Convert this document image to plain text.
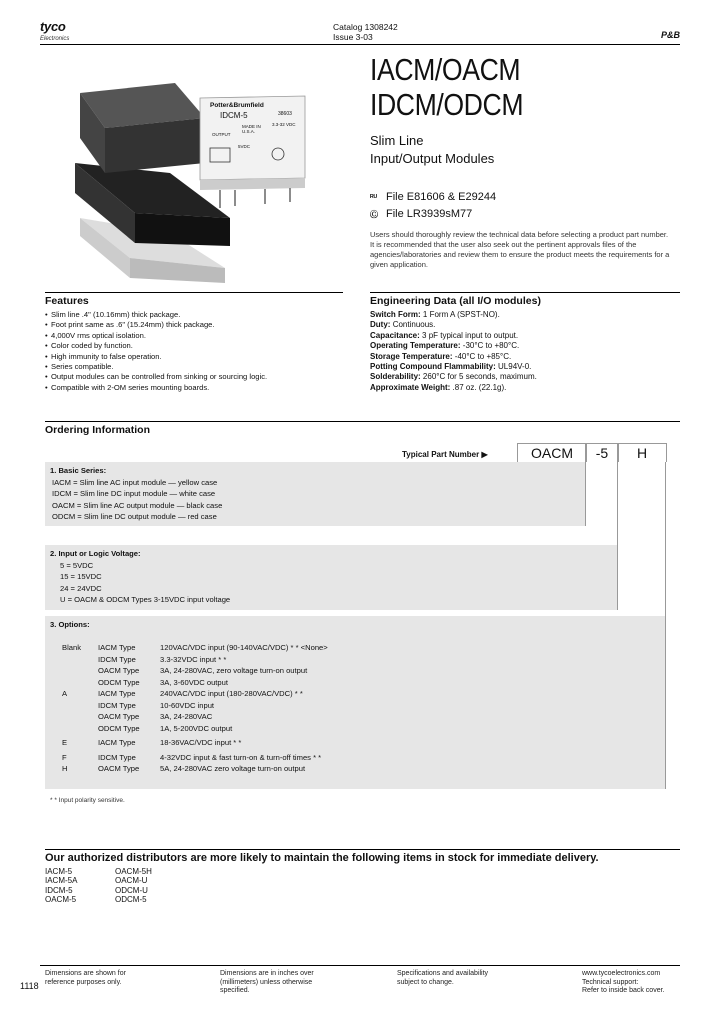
tyco
Electronics
Catalog 1308242
Issue 3-03	P&B
Potter&Brumfield
IDCM-5	38603
MADE IN U.S.A.
3.3-32 VDC
OUTPUT
5VDC
IACM/OACM
IDCM/ODCM
Slim Line
Input/Output Modules
ᴿᵁ File E81606 & E29244
Ⓒ File LR3939sM77
Users should thoroughly review the technical data before selecting a product part number. It is recommended that the user also seek out the pertinent approvals files of the agencies/laboratories and review them to ensure the product meets the requirements for a given application.
Features
• Slim line .4" (10.16mm) thick package.
• Foot print same as .6" (15.24mm) thick package.
• 4,000V rms optical isolation.
• Color coded by function.
• High immunity to false operation.
• Series compatible.
• Output modules can be controlled from sinking or sourcing logic.
• Compatible with 2-OM series mounting boards.
Engineering Data (all I/O modules)
Switch Form: 1 Form A (SPST-NO).
Duty: Continuous.
Capacitance: 3 pF typical input to output.
Operating Temperature: -30°C to +80°C.
Storage Temperature: -40°C to +85°C.
Potting Compound Flammability: UL94V-0.
Solderability: 260°C for 5 seconds, maximum.
Approximate Weight: .87 oz. (22.1g).
Ordering Information
Typical Part Number ▶	OACM	-5	H
1. Basic Series:
IACM = Slim line AC input module — yellow case
IDCM = Slim line DC input module — white case
OACM = Slim line AC output module — black case
ODCM = Slim line DC output module — red case
2. Input or Logic Voltage:
5 = 5VDC
15 = 15VDC
24 = 24VDC
U = OACM & ODCM Types 3-15VDC input voltage
3. Options:
Blank	IACM Type	120VAC/VDC input (90-140VAC/VDC) * * <None>
IDCM Type	3.3-32VDC input * *
OACM Type	3A, 24-280VAC, zero voltage turn-on output
ODCM Type	3A, 3-60VDC output
A	IACM Type	240VAC/VDC input (180-280VAC/VDC) * *
IDCM Type	10-60VDC input
OACM Type	3A, 24-280VAC
ODCM Type	1A, 5-200VDC output
E	IACM Type	18-36VAC/VDC input * *
F	IDCM Type	4-32VDC input & fast turn-on & turn-off times * *
H	OACM Type	5A, 24-280VAC zero voltage turn-on output
* * Input polarity sensitive.
Our authorized distributors are more likely to maintain the following items in stock for immediate delivery.
IACM-5
IACM-5A
IDCM-5
OACM-5
OACM-5H
OACM-U
ODCM-U
ODCM-5
1118
Dimensions are shown for
reference purposes only.
Dimensions are in inches over
(millimeters) unless otherwise
specified.
Specifications and availability
subject to change.
www.tycoelectronics.com
Technical support:
Refer to inside back cover.
